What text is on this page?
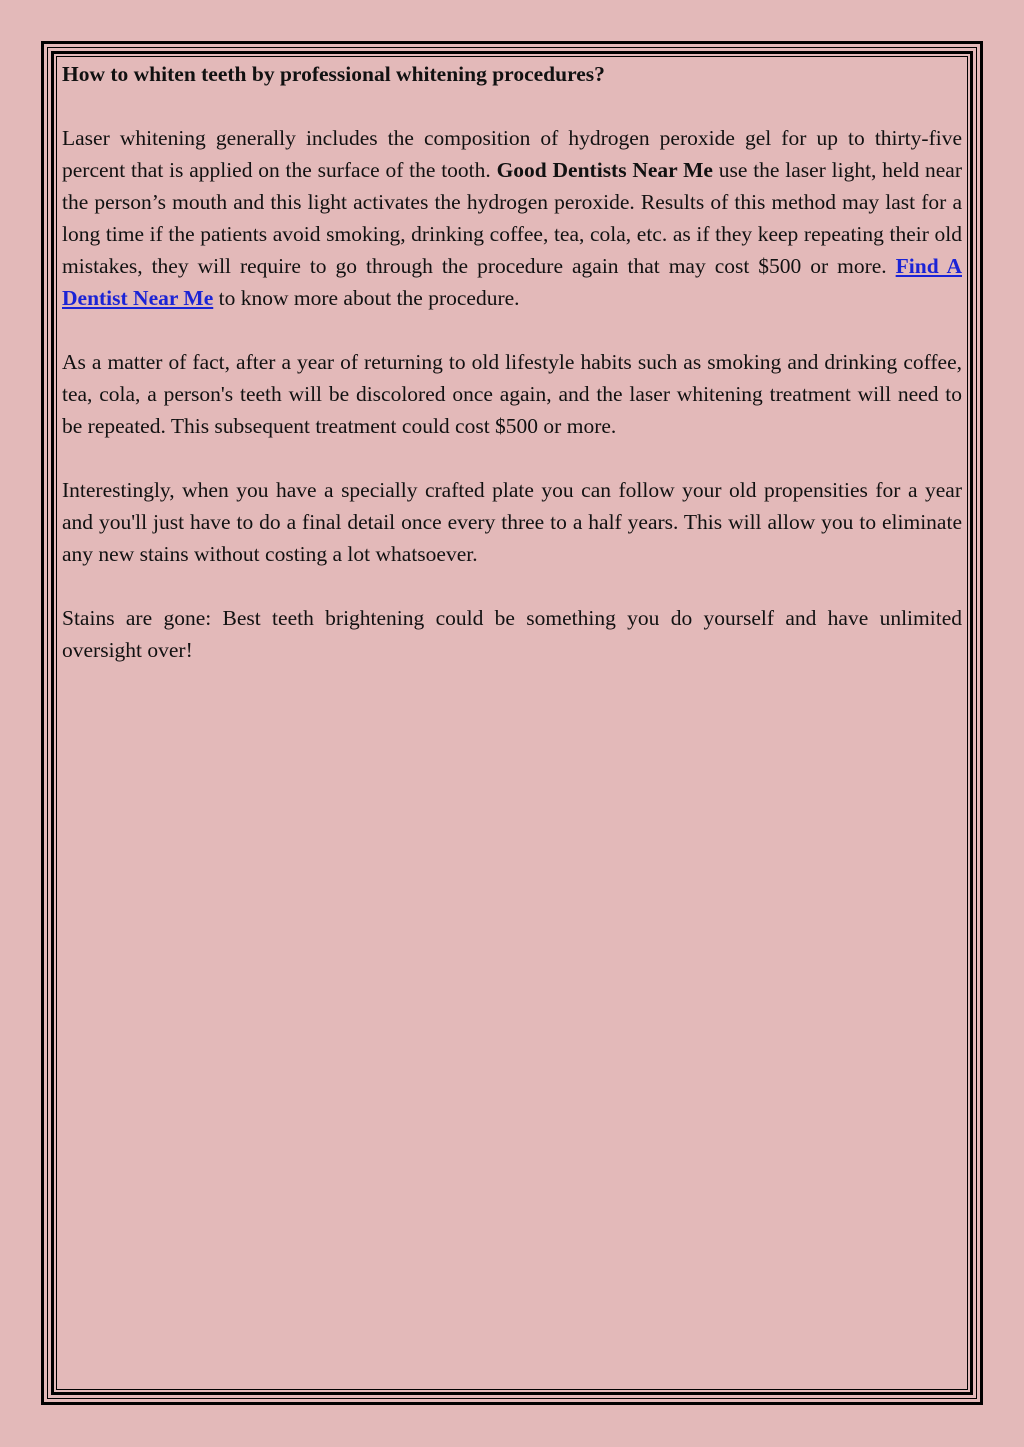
How to whiten teeth by professional whitening procedures?

Laser whitening generally includes the composition of hydrogen peroxide gel for up to thirty-five percent that is applied on the surface of the tooth. Good Dentists Near Me use the laser light, held near the person’s mouth and this light activates the hydrogen peroxide. Results of this method may last for a long time if the patients avoid smoking, drinking coffee, tea, cola, etc. as if they keep repeating their old mistakes, they will require to go through the procedure again that may cost $500 or more. Find A Dentist Near Me to know more about the procedure.

As a matter of fact, after a year of returning to old lifestyle habits such as smoking and drinking coffee, tea, cola, a person's teeth will be discolored once again, and the laser whitening treatment will need to be repeated. This subsequent treatment could cost $500 or more.

Interestingly, when you have a specially crafted plate you can follow your old propensities for a year and you'll just have to do a final detail once every three to a half years. This will allow you to eliminate any new stains without costing a lot whatsoever.

Stains are gone: Best teeth brightening could be something you do yourself and have unlimited oversight over!
